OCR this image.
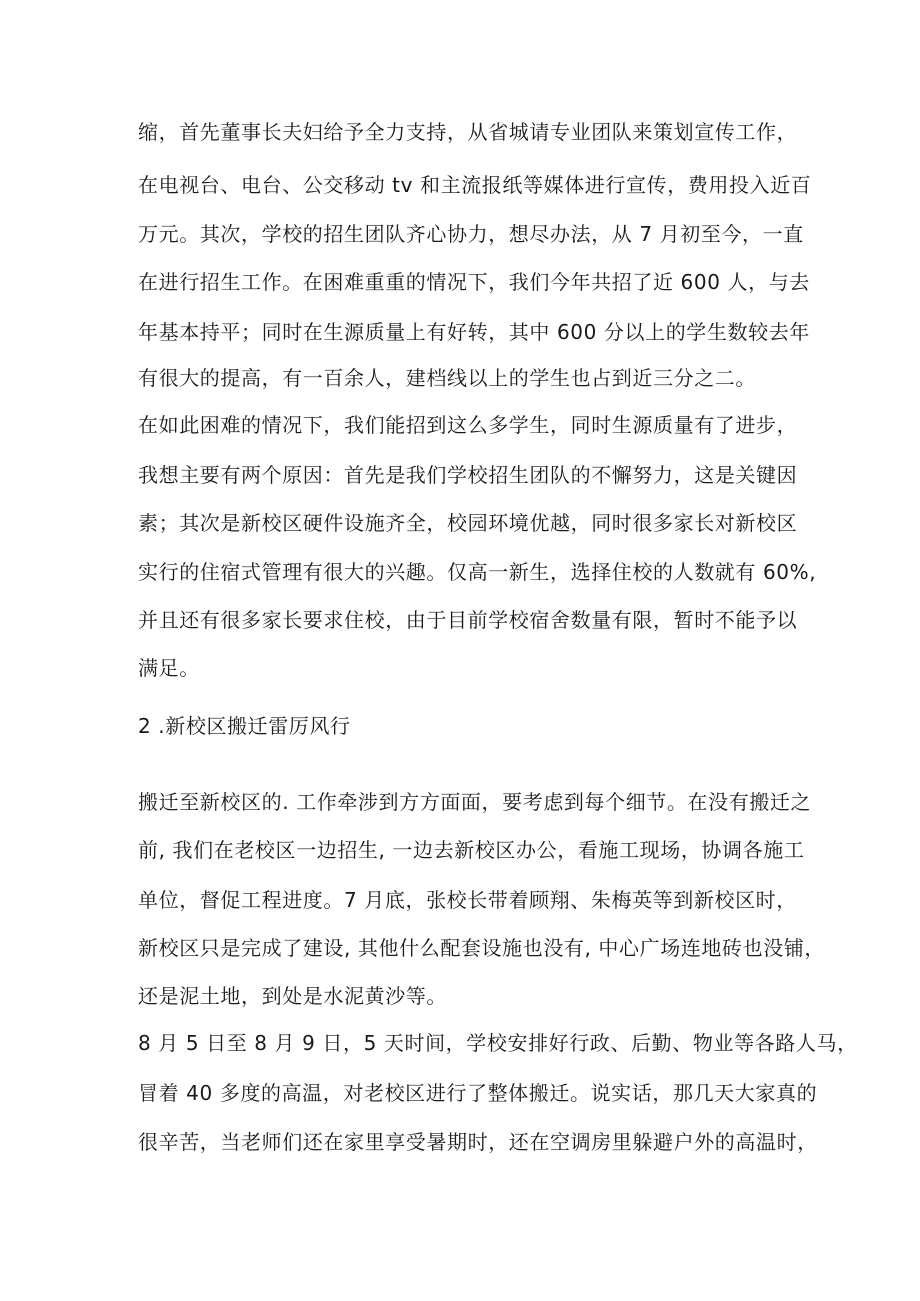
缩，首先董事长夫妇给予全力支持，从省城请专业团队来策划宣传工作，
在电视台、电台、公交移动 tv 和主流报纸等媒体进行宣传，费用投入近百
万元。其次，学校的招生团队齐心协力，想尽办法，从 7 月初至今，一直
在进行招生工作。在困难重重的情况下，我们今年共招了近 600 人，与去
年基本持平；同时在生源质量上有好转，其中 600 分以上的学生数较去年
有很大的提高，有一百余人，建档线以上的学生也占到近三分之二。
在如此困难的情况下，我们能招到这么多学生，同时生源质量有了进步，
我想主要有两个原因：首先是我们学校招生团队的不懈努力，这是关键因
素；其次是新校区硬件设施齐全，校园环境优越，同时很多家长对新校区
实行的住宿式管理有很大的兴趣。仅高一新生，选择住校的人数就有 60%,
并且还有很多家长要求住校，由于目前学校宿舍数量有限，暂时不能予以
满足。
2 .新校区搬迁雷厉风行
搬迁至新校区的. 工作牵涉到方方面面，要考虑到每个细节。在没有搬迁之
前, 我们在老校区一边招生, 一边去新校区办公，看施工现场，协调各施工
单位，督促工程进度。7 月底，张校长带着顾翔、朱梅英等到新校区时，
新校区只是完成了建设, 其他什么配套设施也没有, 中心广场连地砖也没铺，
还是泥土地，到处是水泥黄沙等。
8 月 5 日至 8 月 9 日，5 天时间，学校安排好行政、后勤、物业等各路人马，
冒着 40 多度的高温，对老校区进行了整体搬迁。说实话，那几天大家真的
很辛苦，当老师们还在家里享受暑期时，还在空调房里躲避户外的高温时，
